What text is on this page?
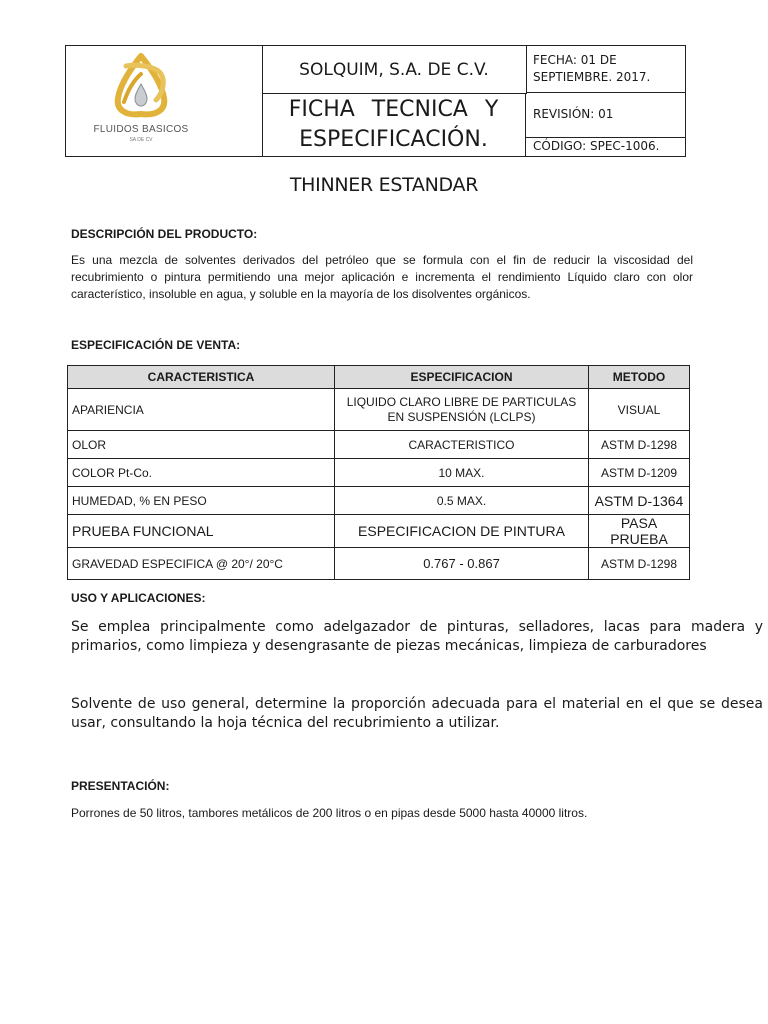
FLUIDOS BASICOS
SA DE CV
SOLQUIM, S.A. DE C.V.
FICHA TECNICA Y
ESPECIFICACIÓN.
FECHA: 01 DE
SEPTIEMBRE. 2017.
REVISIÓN: 01
CÓDIGO: SPEC-1006.
THINNER ESTANDAR
DESCRIPCIÓN DEL PRODUCTO:
Es una mezcla de solventes derivados del petróleo que se formula con el fin de reducir la viscosidad del recubrimiento o pintura permitiendo una mejor aplicación e incrementa el rendimiento Líquido claro con olor característico, insoluble en agua, y soluble en la mayoría de los disolventes orgánicos.
ESPECIFICACIÓN DE VENTA:
CARACTERISTICA	ESPECIFICACION	METODO
APARIENCIA	LIQUIDO CLARO LIBRE DE PARTICULAS EN SUSPENSIÓN (LCLPS)	VISUAL
OLOR	CARACTERISTICO	ASTM D-1298
COLOR Pt-Co.	10 MAX.	ASTM D-1209
HUMEDAD, % EN PESO	0.5 MAX.	ASTM D-1364
PRUEBA FUNCIONAL	ESPECIFICACION DE PINTURA	PASA PRUEBA
GRAVEDAD ESPECIFICA @ 20°/ 20°C	0.767 - 0.867	ASTM D-1298
USO Y APLICACIONES:
Se emplea principalmente como adelgazador de pinturas, selladores, lacas para madera y primarios, como limpieza y desengrasante de piezas mecánicas, limpieza de carburadores
Solvente de uso general, determine la proporción adecuada para el material en el que se desea usar, consultando la hoja técnica del recubrimiento a utilizar.
PRESENTACIÓN:
Porrones de 50 litros, tambores metálicos de 200 litros o en pipas desde 5000 hasta 40000 litros.
